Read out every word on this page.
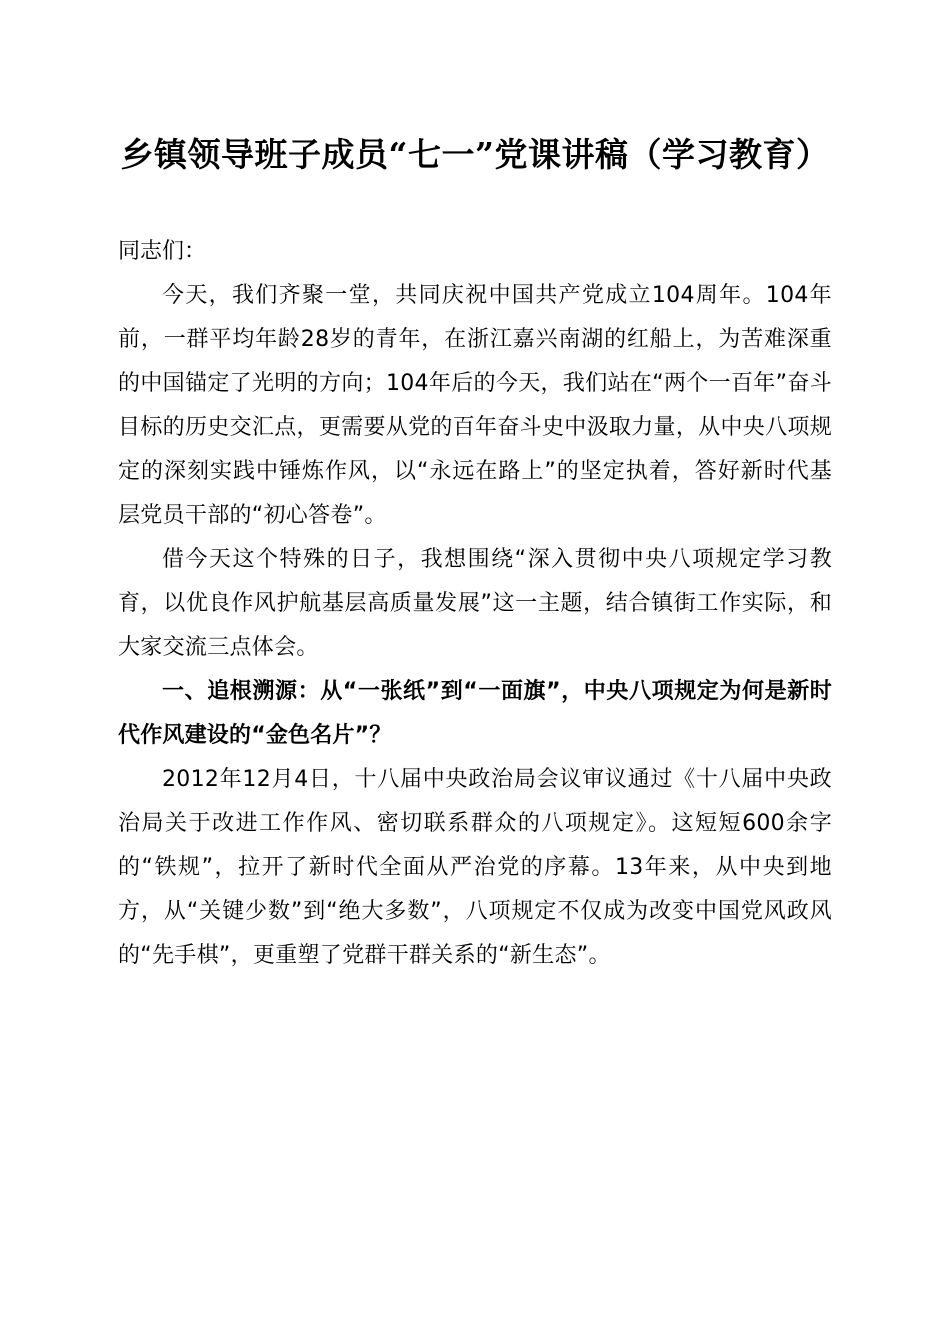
乡镇领导班子成员“七一”党课讲稿（学习教育）

同志们：

今天，我们齐聚一堂，共同庆祝中国共产党成立104周年。104年前，一群平均年龄28岁的青年，在浙江嘉兴南湖的红船上，为苦难深重的中国锚定了光明的方向；104年后的今天，我们站在“两个一百年”奋斗目标的历史交汇点，更需要从党的百年奋斗史中汲取力量，从中央八项规定的深刻实践中锤炼作风，以“永远在路上”的坚定执着，答好新时代基层党员干部的“初心答卷”。

借今天这个特殊的日子，我想围绕“深入贯彻中央八项规定学习教育，以优良作风护航基层高质量发展”这一主题，结合镇街工作实际，和大家交流三点体会。

一、追根溯源：从“一张纸”到“一面旗”，中央八项规定为何是新时代作风建设的“金色名片”？

2012年12月4日，十八届中央政治局会议审议通过《十八届中央政治局关于改进工作作风、密切联系群众的八项规定》。这短短600余字的“铁规”，拉开了新时代全面从严治党的序幕。13年来，从中央到地方，从“关键少数”到“绝大多数”，八项规定不仅成为改变中国党风政风的“先手棋”，更重塑了党群干群关系的“新生态”。
